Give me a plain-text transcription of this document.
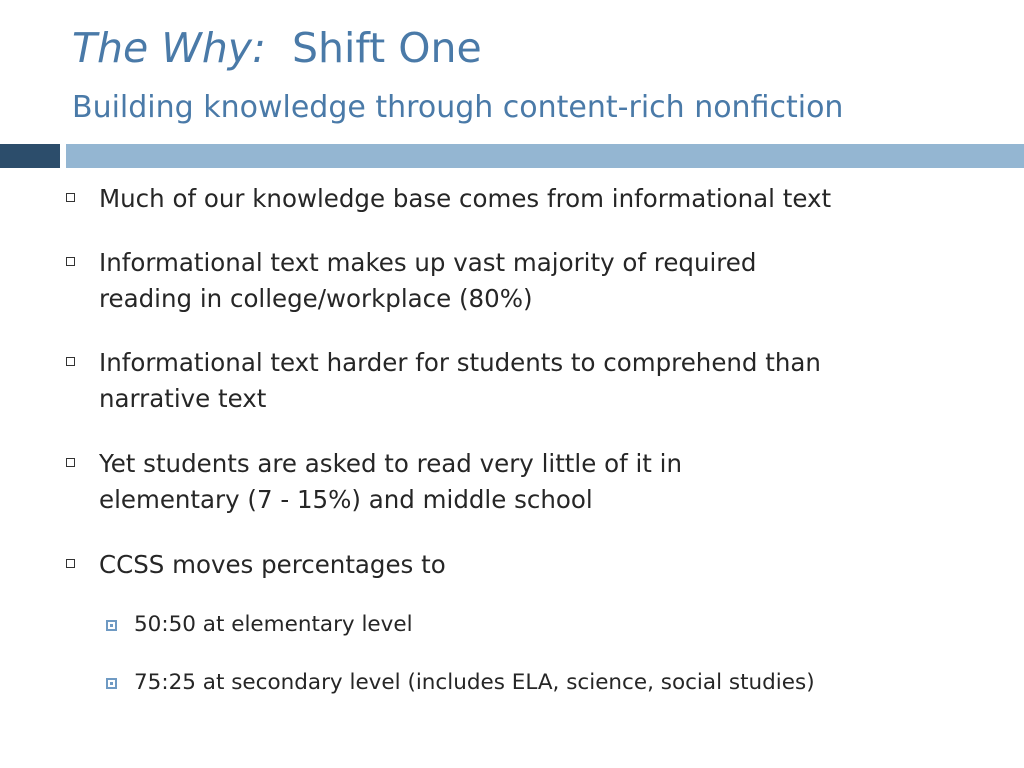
The Why: Shift One
Building knowledge through content-rich nonfiction
Much of our knowledge base comes from informational text
Informational text makes up vast majority of required
reading in college/workplace (80%)
Informational text harder for students to comprehend than
narrative text
Yet students are asked to read very little of it in
elementary (7 - 15%) and middle school
CCSS moves percentages to
50:50 at elementary level
75:25 at secondary level (includes ELA, science, social studies)
